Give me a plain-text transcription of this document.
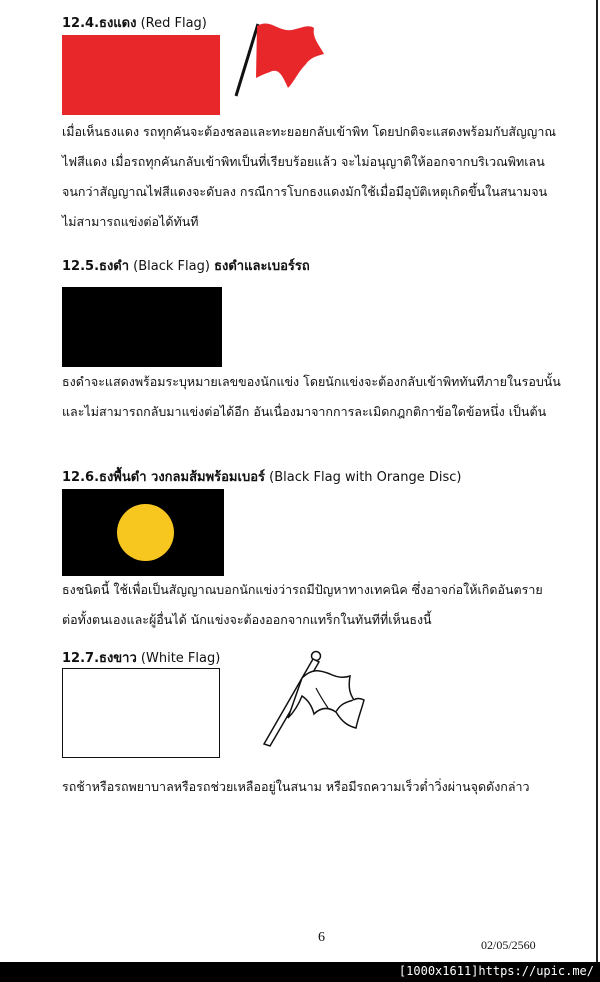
12.4.ธงแดง (Red Flag)
เมื่อเห็นธงแดง รถทุกคันจะต้องชลอและทะยอยกลับเข้าพิท โดยปกติจะแสดงพร้อมกับสัญญาณ
ไฟสีแดง เมื่อรถทุกคันกลับเข้าพิทเป็นที่เรียบร้อยแล้ว จะไม่อนุญาติให้ออกจากบริเวณพิทเลน
จนกว่าสัญญาณไฟสีแดงจะดับลง กรณีการโบกธงแดงมักใช้เมื่อมีอุบัติเหตุเกิดขึ้นในสนามจน
ไม่สามารถแข่งต่อได้ทันที
12.5.ธงดำ (Black Flag) ธงดำและเบอร์รถ
ธงดำจะแสดงพร้อมระบุหมายเลขของนักแข่ง โดยนักแข่งจะต้องกลับเข้าพิททันทีภายในรอบนั้น
และไม่สามารถกลับมาแข่งต่อได้อีก อันเนื่องมาจากการละเมิดกฎกติกาข้อใดข้อหนึ่ง เป็นต้น
12.6.ธงพื้นดำ วงกลมส้มพร้อมเบอร์ (Black Flag with Orange Disc)
ธงชนิดนี้ ใช้เพื่อเป็นสัญญาณบอกนักแข่งว่ารถมีปัญหาทางเทคนิค ซึ่งอาจก่อให้เกิดอันตราย
ต่อทั้งตนเองและผู้อื่นได้ นักแข่งจะต้องออกจากแทร็กในทันทีที่เห็นธงนี้
12.7.ธงขาว (White Flag)
รถช้าหรือรถพยาบาลหรือรถช่วยเหลืออยู่ในสนาม หรือมีรถความเร็วต่ำวิ่งผ่านจุดดังกล่าว
6	02/05/2560
[1000x1611]https://upic.me/
